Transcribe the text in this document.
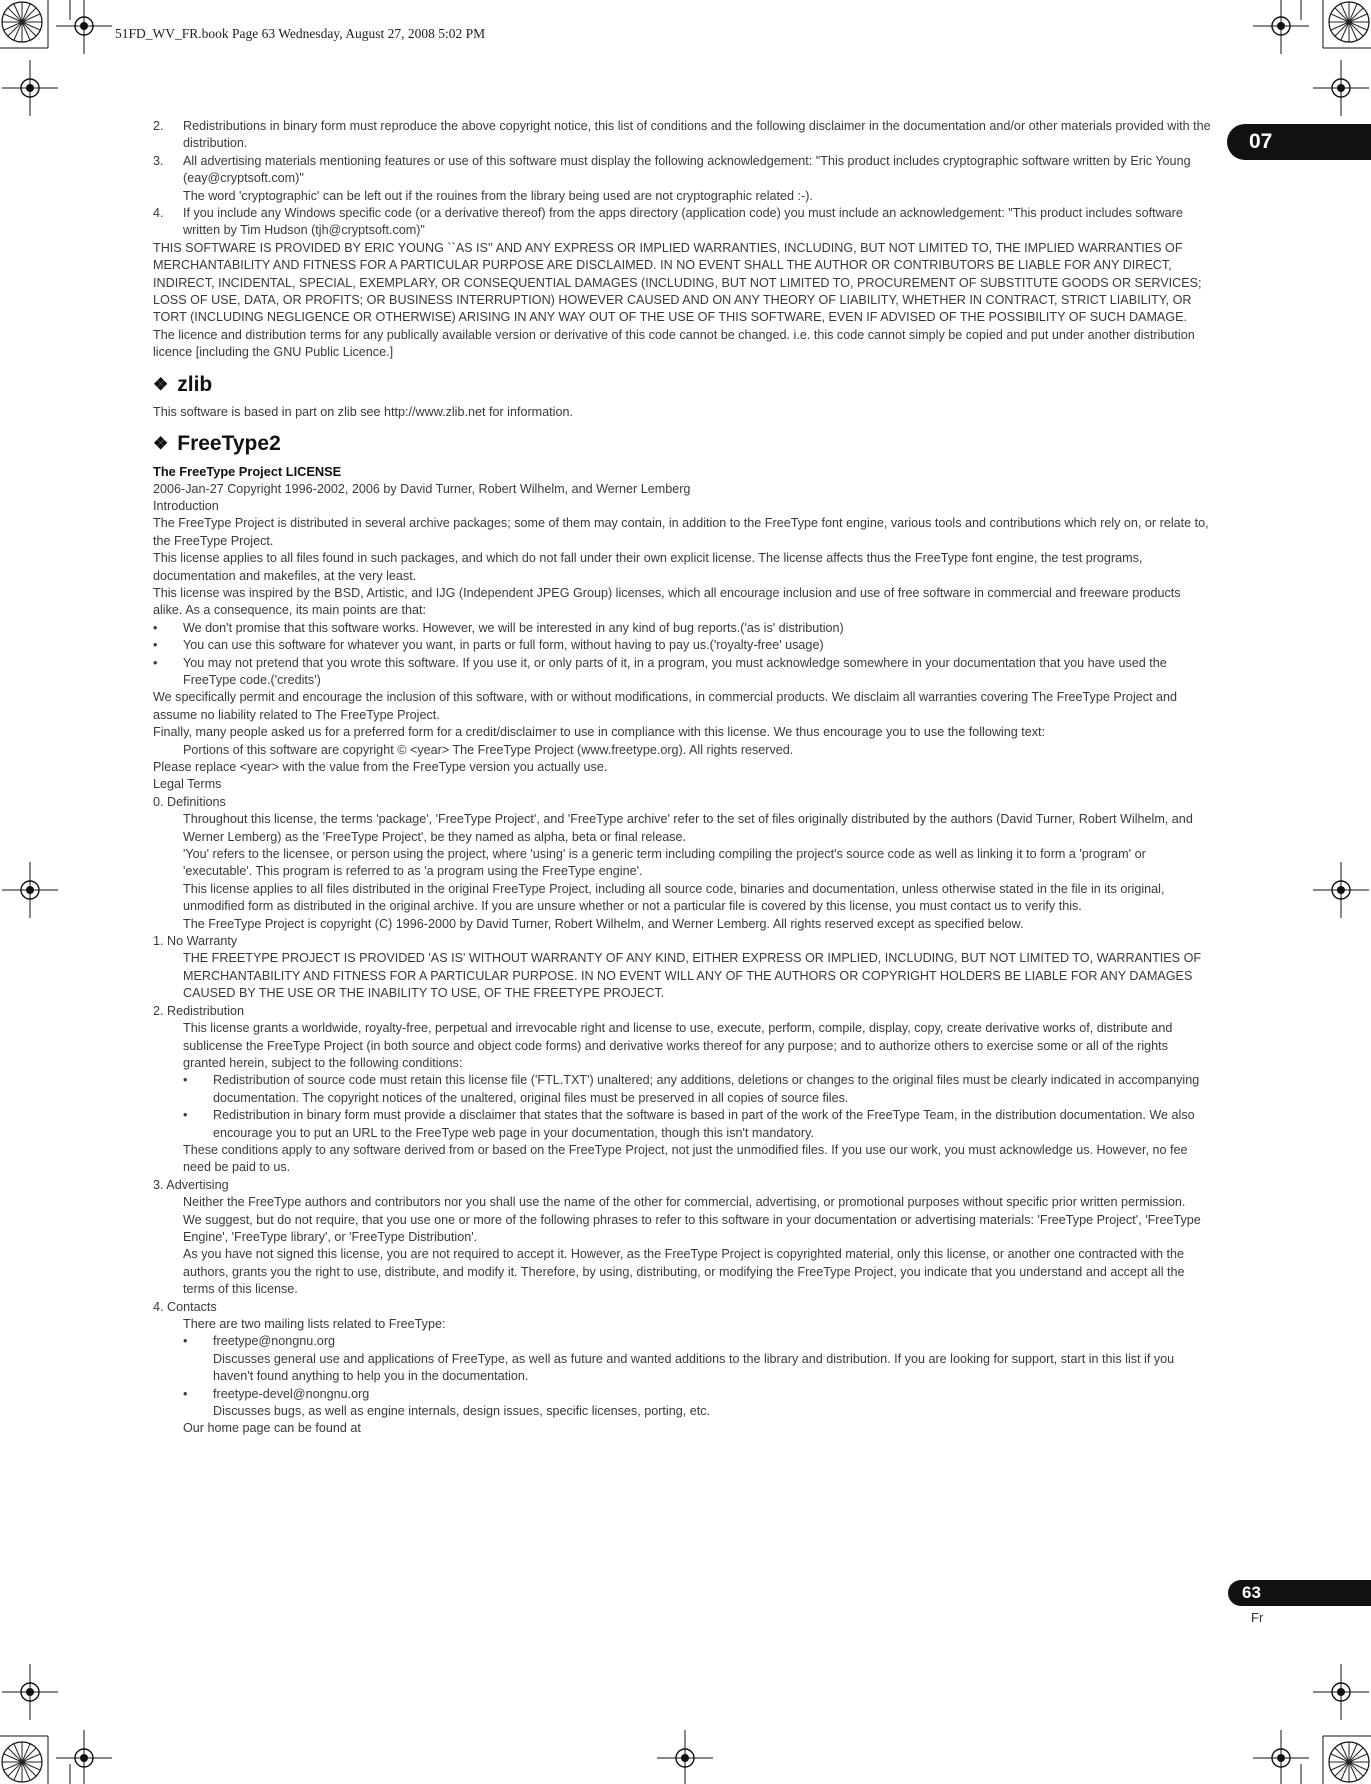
51FD_WV_FR.book Page 63 Wednesday, August 27, 2008 5:02 PM
07
63
Fr
2. Redistributions in binary form must reproduce the above copyright notice, this list of conditions and the following disclaimer in the documentation and/or other materials provided with the distribution.
3. All advertising materials mentioning features or use of this software must display the following acknowledgement: "This product includes cryptographic software written by Eric Young (eay@cryptsoft.com)"
The word 'cryptographic' can be left out if the rouines from the library being used are not cryptographic related :-).
4. If you include any Windows specific code (or a derivative thereof) from the apps directory (application code) you must include an acknowledgement: "This product includes software written by Tim Hudson (tjh@cryptsoft.com)"

THIS SOFTWARE IS PROVIDED BY ERIC YOUNG ``AS IS'' AND ANY EXPRESS OR IMPLIED WARRANTIES, INCLUDING, BUT NOT LIMITED TO, THE IMPLIED WARRANTIES OF MERCHANTABILITY AND FITNESS FOR A PARTICULAR PURPOSE ARE DISCLAIMED. IN NO EVENT SHALL THE AUTHOR OR CONTRIBUTORS BE LIABLE FOR ANY DIRECT, INDIRECT, INCIDENTAL, SPECIAL, EXEMPLARY, OR CONSEQUENTIAL DAMAGES (INCLUDING, BUT NOT LIMITED TO, PROCUREMENT OF SUBSTITUTE GOODS OR SERVICES; LOSS OF USE, DATA, OR PROFITS; OR BUSINESS INTERRUPTION) HOWEVER CAUSED AND ON ANY THEORY OF LIABILITY, WHETHER IN CONTRACT, STRICT LIABILITY, OR TORT (INCLUDING NEGLIGENCE OR OTHERWISE) ARISING IN ANY WAY OUT OF THE USE OF THIS SOFTWARE, EVEN IF ADVISED OF THE POSSIBILITY OF SUCH DAMAGE.

The licence and distribution terms for any publically available version or derivative of this code cannot be changed. i.e. this code cannot simply be copied and put under another distribution licence [including the GNU Public Licence.]

❖ zlib

This software is based in part on zlib see http://www.zlib.net for information.

❖ FreeType2

The FreeType Project LICENSE

2006-Jan-27 Copyright 1996-2002, 2006 by David Turner, Robert Wilhelm, and Werner Lemberg

Introduction

The FreeType Project is distributed in several archive packages; some of them may contain, in addition to the FreeType font engine, various tools and contributions which rely on, or relate to, the FreeType Project.

This license applies to all files found in such packages, and which do not fall under their own explicit license. The license affects thus the FreeType font engine, the test programs, documentation and makefiles, at the very least.

This license was inspired by the BSD, Artistic, and IJG (Independent JPEG Group) licenses, which all encourage inclusion and use of free software in commercial and freeware products alike. As a consequence, its main points are that:

• We don't promise that this software works. However, we will be interested in any kind of bug reports.('as is' distribution)
• You can use this software for whatever you want, in parts or full form, without having to pay us.('royalty-free' usage)
• You may not pretend that you wrote this software. If you use it, or only parts of it, in a program, you must acknowledge somewhere in your documentation that you have used the FreeType code.('credits')

We specifically permit and encourage the inclusion of this software, with or without modifications, in commercial products. We disclaim all warranties covering The FreeType Project and assume no liability related to The FreeType Project.

Finally, many people asked us for a preferred form for a credit/disclaimer to use in compliance with this license. We thus encourage you to use the following text:

Portions of this software are copyright © <year> The FreeType Project (www.freetype.org). All rights reserved.

Please replace <year> with the value from the FreeType version you actually use.

Legal Terms

0. Definitions

Throughout this license, the terms 'package', 'FreeType Project', and 'FreeType archive' refer to the set of files originally distributed by the authors (David Turner, Robert Wilhelm, and Werner Lemberg) as the 'FreeType Project', be they named as alpha, beta or final release.

'You' refers to the licensee, or person using the project, where 'using' is a generic term including compiling the project's source code as well as linking it to form a 'program' or 'executable'. This program is referred to as 'a program using the FreeType engine'.

This license applies to all files distributed in the original FreeType Project, including all source code, binaries and documentation, unless otherwise stated in the file in its original, unmodified form as distributed in the original archive. If you are unsure whether or not a particular file is covered by this license, you must contact us to verify this.

The FreeType Project is copyright (C) 1996-2000 by David Turner, Robert Wilhelm, and Werner Lemberg. All rights reserved except as specified below.

1. No Warranty

THE FREETYPE PROJECT IS PROVIDED 'AS IS' WITHOUT WARRANTY OF ANY KIND, EITHER EXPRESS OR IMPLIED, INCLUDING, BUT NOT LIMITED TO, WARRANTIES OF MERCHANTABILITY AND FITNESS FOR A PARTICULAR PURPOSE. IN NO EVENT WILL ANY OF THE AUTHORS OR COPYRIGHT HOLDERS BE LIABLE FOR ANY DAMAGES CAUSED BY THE USE OR THE INABILITY TO USE, OF THE FREETYPE PROJECT.

2. Redistribution

This license grants a worldwide, royalty-free, perpetual and irrevocable right and license to use, execute, perform, compile, display, copy, create derivative works of, distribute and sublicense the FreeType Project (in both source and object code forms) and derivative works thereof for any purpose; and to authorize others to exercise some or all of the rights granted herein, subject to the following conditions:

• Redistribution of source code must retain this license file ('FTL.TXT') unaltered; any additions, deletions or changes to the original files must be clearly indicated in accompanying documentation. The copyright notices of the unaltered, original files must be preserved in all copies of source files.
• Redistribution in binary form must provide a disclaimer that states that the software is based in part of the work of the FreeType Team, in the distribution documentation. We also encourage you to put an URL to the FreeType web page in your documentation, though this isn't mandatory.

These conditions apply to any software derived from or based on the FreeType Project, not just the unmodified files. If you use our work, you must acknowledge us. However, no fee need be paid to us.

3. Advertising

Neither the FreeType authors and contributors nor you shall use the name of the other for commercial, advertising, or promotional purposes without specific prior written permission.

We suggest, but do not require, that you use one or more of the following phrases to refer to this software in your documentation or advertising materials: 'FreeType Project', 'FreeType Engine', 'FreeType library', or 'FreeType Distribution'.

As you have not signed this license, you are not required to accept it. However, as the FreeType Project is copyrighted material, only this license, or another one contracted with the authors, grants you the right to use, distribute, and modify it. Therefore, by using, distributing, or modifying the FreeType Project, you indicate that you understand and accept all the terms of this license.

4. Contacts

There are two mailing lists related to FreeType:

• freetype@nongnu.org
Discusses general use and applications of FreeType, as well as future and wanted additions to the library and distribution. If you are looking for support, start in this list if you haven't found anything to help you in the documentation.
• freetype-devel@nongnu.org
Discusses bugs, as well as engine internals, design issues, specific licenses, porting, etc.

Our home page can be found at
